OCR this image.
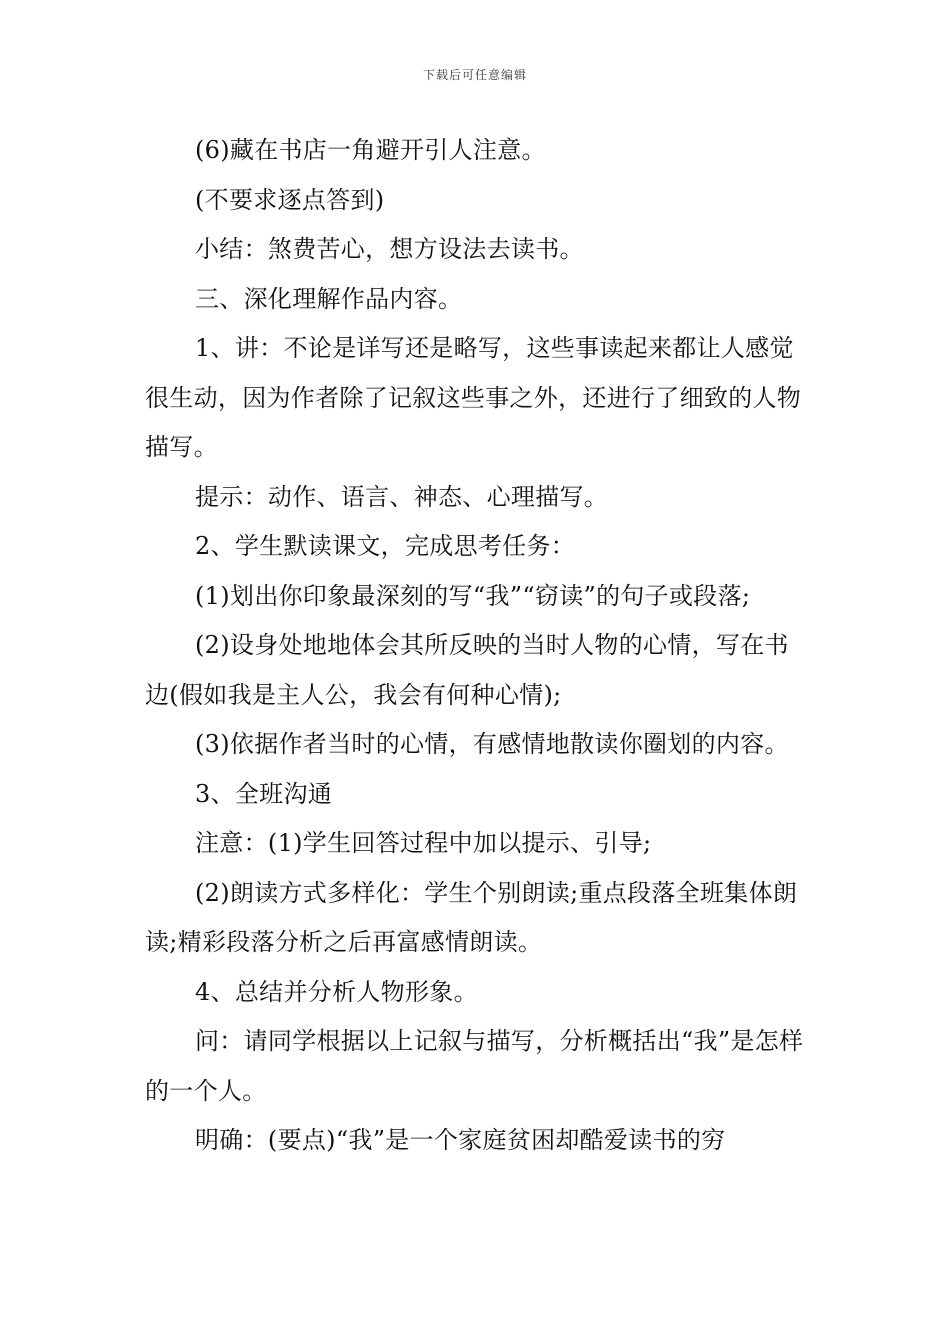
下载后可任意编辑

(6)藏在书店一角避开引人注意。

(不要求逐点答到)

小结：煞费苦心，想方设法去读书。

三、深化理解作品内容。

1、讲：不论是详写还是略写，这些事读起来都让人感觉很生动，因为作者除了记叙这些事之外，还进行了细致的人物描写。

提示：动作、语言、神态、心理描写。

2、学生默读课文，完成思考任务：

(1)划出你印象最深刻的写“我”“窃读”的句子或段落;

(2)设身处地地体会其所反映的当时人物的心情，写在书边(假如我是主人公，我会有何种心情);

(3)依据作者当时的心情，有感情地散读你圈划的内容。

3、全班沟通

注意：(1)学生回答过程中加以提示、引导;

(2)朗读方式多样化：学生个别朗读;重点段落全班集体朗读;精彩段落分析之后再富感情朗读。

4、总结并分析人物形象。

问：请同学根据以上记叙与描写，分析概括出“我”是怎样的一个人。

明确：(要点)“我”是一个家庭贫困却酷爱读书的穷
